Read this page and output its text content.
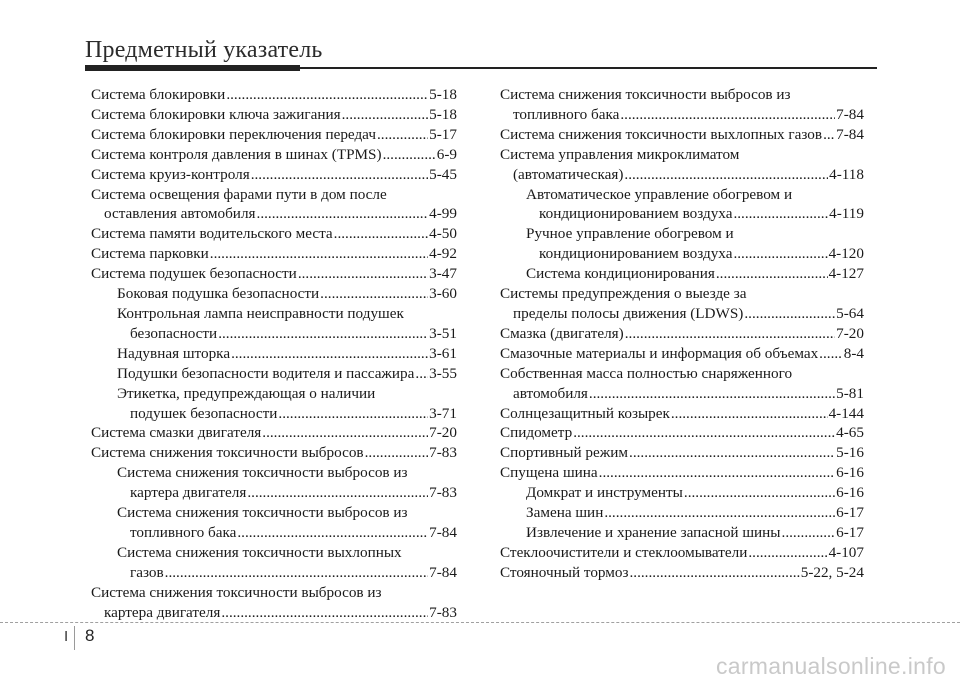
Предметный указатель
Система блокировки .....	5-18
Система блокировки ключа зажигания .....	5-18
Система блокировки переключения передач .....	5-17
Система контроля давления в шинах (TPMS) .....	6-9
Система круиз-контроля .....	5-45
Система освещения фарами пути в дом после
оставления автомобиля .....	4-99
Система памяти водительского места .....	4-50
Система парковки .....	4-92
Система подушек безопасности .....	3-47
Боковая подушка безопасности .....	3-60
Контрольная лампа неисправности подушек
безопасности .....	3-51
Надувная шторка .....	3-61
Подушки безопасности водителя и пассажира ..... 3-55
Этикетка, предупреждающая о наличии
подушек безопасности .....	3-71
Система смазки двигателя .....	7-20
Система снижения токсичности выбросов .....	7-83
Система снижения токсичности выбросов из
картера двигателя .....	7-83
Система снижения токсичности выбросов из
топливного бака .....	7-84
Система снижения токсичности выхлопных
газов .....	7-84
Система снижения токсичности выбросов из
картера двигателя .....	7-83
Система снижения токсичности выбросов из
топливного бака .....	7-84
Система снижения токсичности выхлопных газов ..... 7-84
Система управления микроклиматом
(автоматическая) .....	4-118
Автоматическое управление обогревом и
кондиционированием воздуха .....	4-119
Ручное управление обогревом и
кондиционированием воздуха .....	4-120
Система кондиционирования .....	4-127
Системы предупреждения о выезде за
пределы полосы движения (LDWS) .....	5-64
Смазка (двигателя) .....	7-20
Смазочные материалы и информация об объемах ..... 8-4
Собственная масса полностью снаряженного
автомобиля .....	5-81
Солнцезащитный козырек .....	4-144
Спидометр .....	4-65
Спортивный режим .....	5-16
Спущена шина .....	6-16
Домкрат и инструменты .....	6-16
Замена шин .....	6-17
Извлечение и хранение запасной шины .....	6-17
Стеклоочистители и стеклоомыватели .....	4-107
Стояночный тормоз .....	5-22, 5-24
I 8
carmanualsonline.info
